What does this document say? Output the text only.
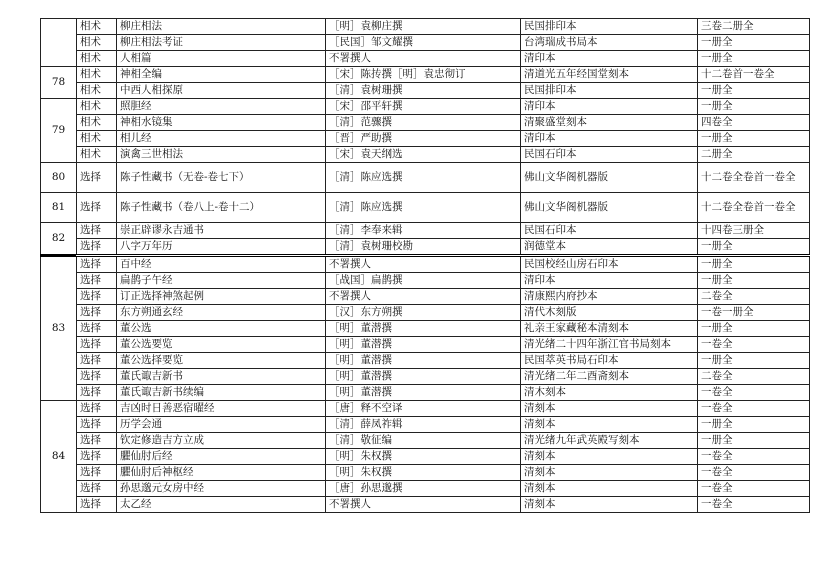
	相术	柳庄相法	［明］袁柳庄撰	民国排印本	三卷二册全
	相术	柳庄相法考证	［民国］邹文耀撰	台湾瑞成书局本	一册全
	相术	人相篇	不署撰人	清印本	一册全
78	相术	神相全编	［宋］陈抟撰［明］袁忠彻订	清道光五年经国堂刻本	十二卷首一卷全
	相术	中西人相探原	［清］袁树珊撰	民国排印本	一册全
79	相术	照胆经	［宋］邵平轩撰	清印本	一册全
	相术	神相水镜集	［清］范骤撰	清聚盛堂刻本	四卷全
	相术	相儿经	［晋］严助撰	清印本	一册全
	相术	演禽三世相法	［宋］袁天纲选	民国石印本	二册全
80	选择	陈子性藏书（无卷-卷七下）	［清］陈应选撰	佛山文华阁机器版	十二卷全卷首一卷全
81	选择	陈子性藏书（卷八上-卷十二）	［清］陈应选撰	佛山文华阁机器版	十二卷全卷首一卷全
82	选择	崇正辟谬永吉通书	［清］李奉来辑	民国石印本	十四卷三册全
	选择	八字万年历	［清］袁树珊校勘	润德堂本	一册全
83	选择	百中经	不署撰人	民国校经山房石印本	一册全
	选择	扁鹊子午经	［战国］扁鹊撰	清印本	一册全
	选择	订正选择神煞起例	不署撰人	清康熙内府抄本	二卷全
	选择	东方朔通玄经	［汉］东方朔撰	清代木刻版	一卷一册全
	选择	董公选	［明］董潜撰	礼亲王家藏秘本清刻本	一册全
	选择	董公选要览	［明］董潜撰	清光绪二十四年浙江官书局刻本	一卷全
	选择	董公选择要览	［明］董潜撰	民国萃英书局石印本	一册全
	选择	董氏诹吉新书	［明］董潜撰	清光绪二年二酉斋刻本	二卷全
	选择	董氏诹吉新书续编	［明］董潜撰	清木刻本	一卷全
84	选择	吉凶时日善恶宿曜经	［唐］释不空译	清刻本	一卷全
	选择	历学会通	［清］薛凤祚辑	清刻本	一册全
	选择	钦定修造吉方立成	［清］敬征编	清光绪九年武英殿写刻本	一册全
	选择	臞仙肘后经	［明］朱权撰	清刻本	一卷全
	选择	臞仙肘后神枢经	［明］朱权撰	清刻本	一卷全
	选择	孙思邈元女房中经	［唐］孙思邈撰	清刻本	一卷全
	选择	太乙经	不署撰人	清刻本	一卷全
